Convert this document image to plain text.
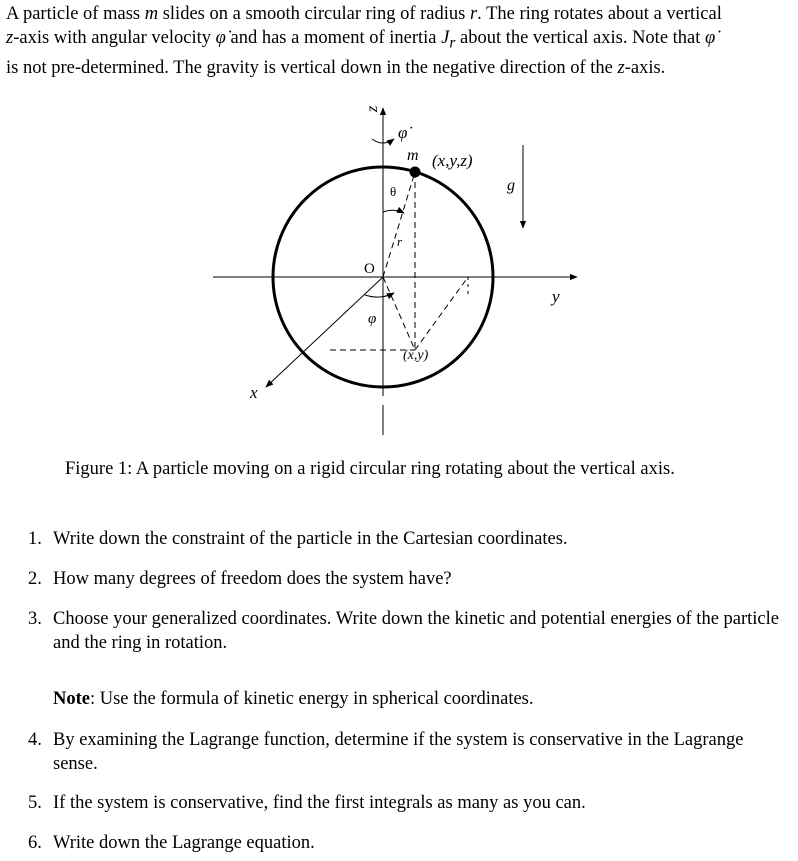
A particle of mass m slides on a smooth circular ring of radius r. The ring rotates about a vertical
z-axis with angular velocity φ̇ and has a moment of inertia $J_r$ about the vertical axis. Note that φ̇
is not pre-determined. The gravity is vertical down in the negative direction of the z-axis.

z
φ̇
m (x,y,z)
g
θ
r
O
y
φ
(x,y)
x
Figure 1: A particle moving on a rigid circular ring rotating about the vertical axis.
1. Write down the constraint of the particle in the Cartesian coordinates.
2. How many degrees of freedom does the system have?
3. Choose your generalized coordinates. Write down the kinetic and potential energies of the particle and the ring in rotation.
Note: Use the formula of kinetic energy in spherical coordinates.
4. By examining the Lagrange function, determine if the system is conservative in the Lagrange sense.
5. If the system is conservative, find the first integrals as many as you can.
6. Write down the Lagrange equation.
